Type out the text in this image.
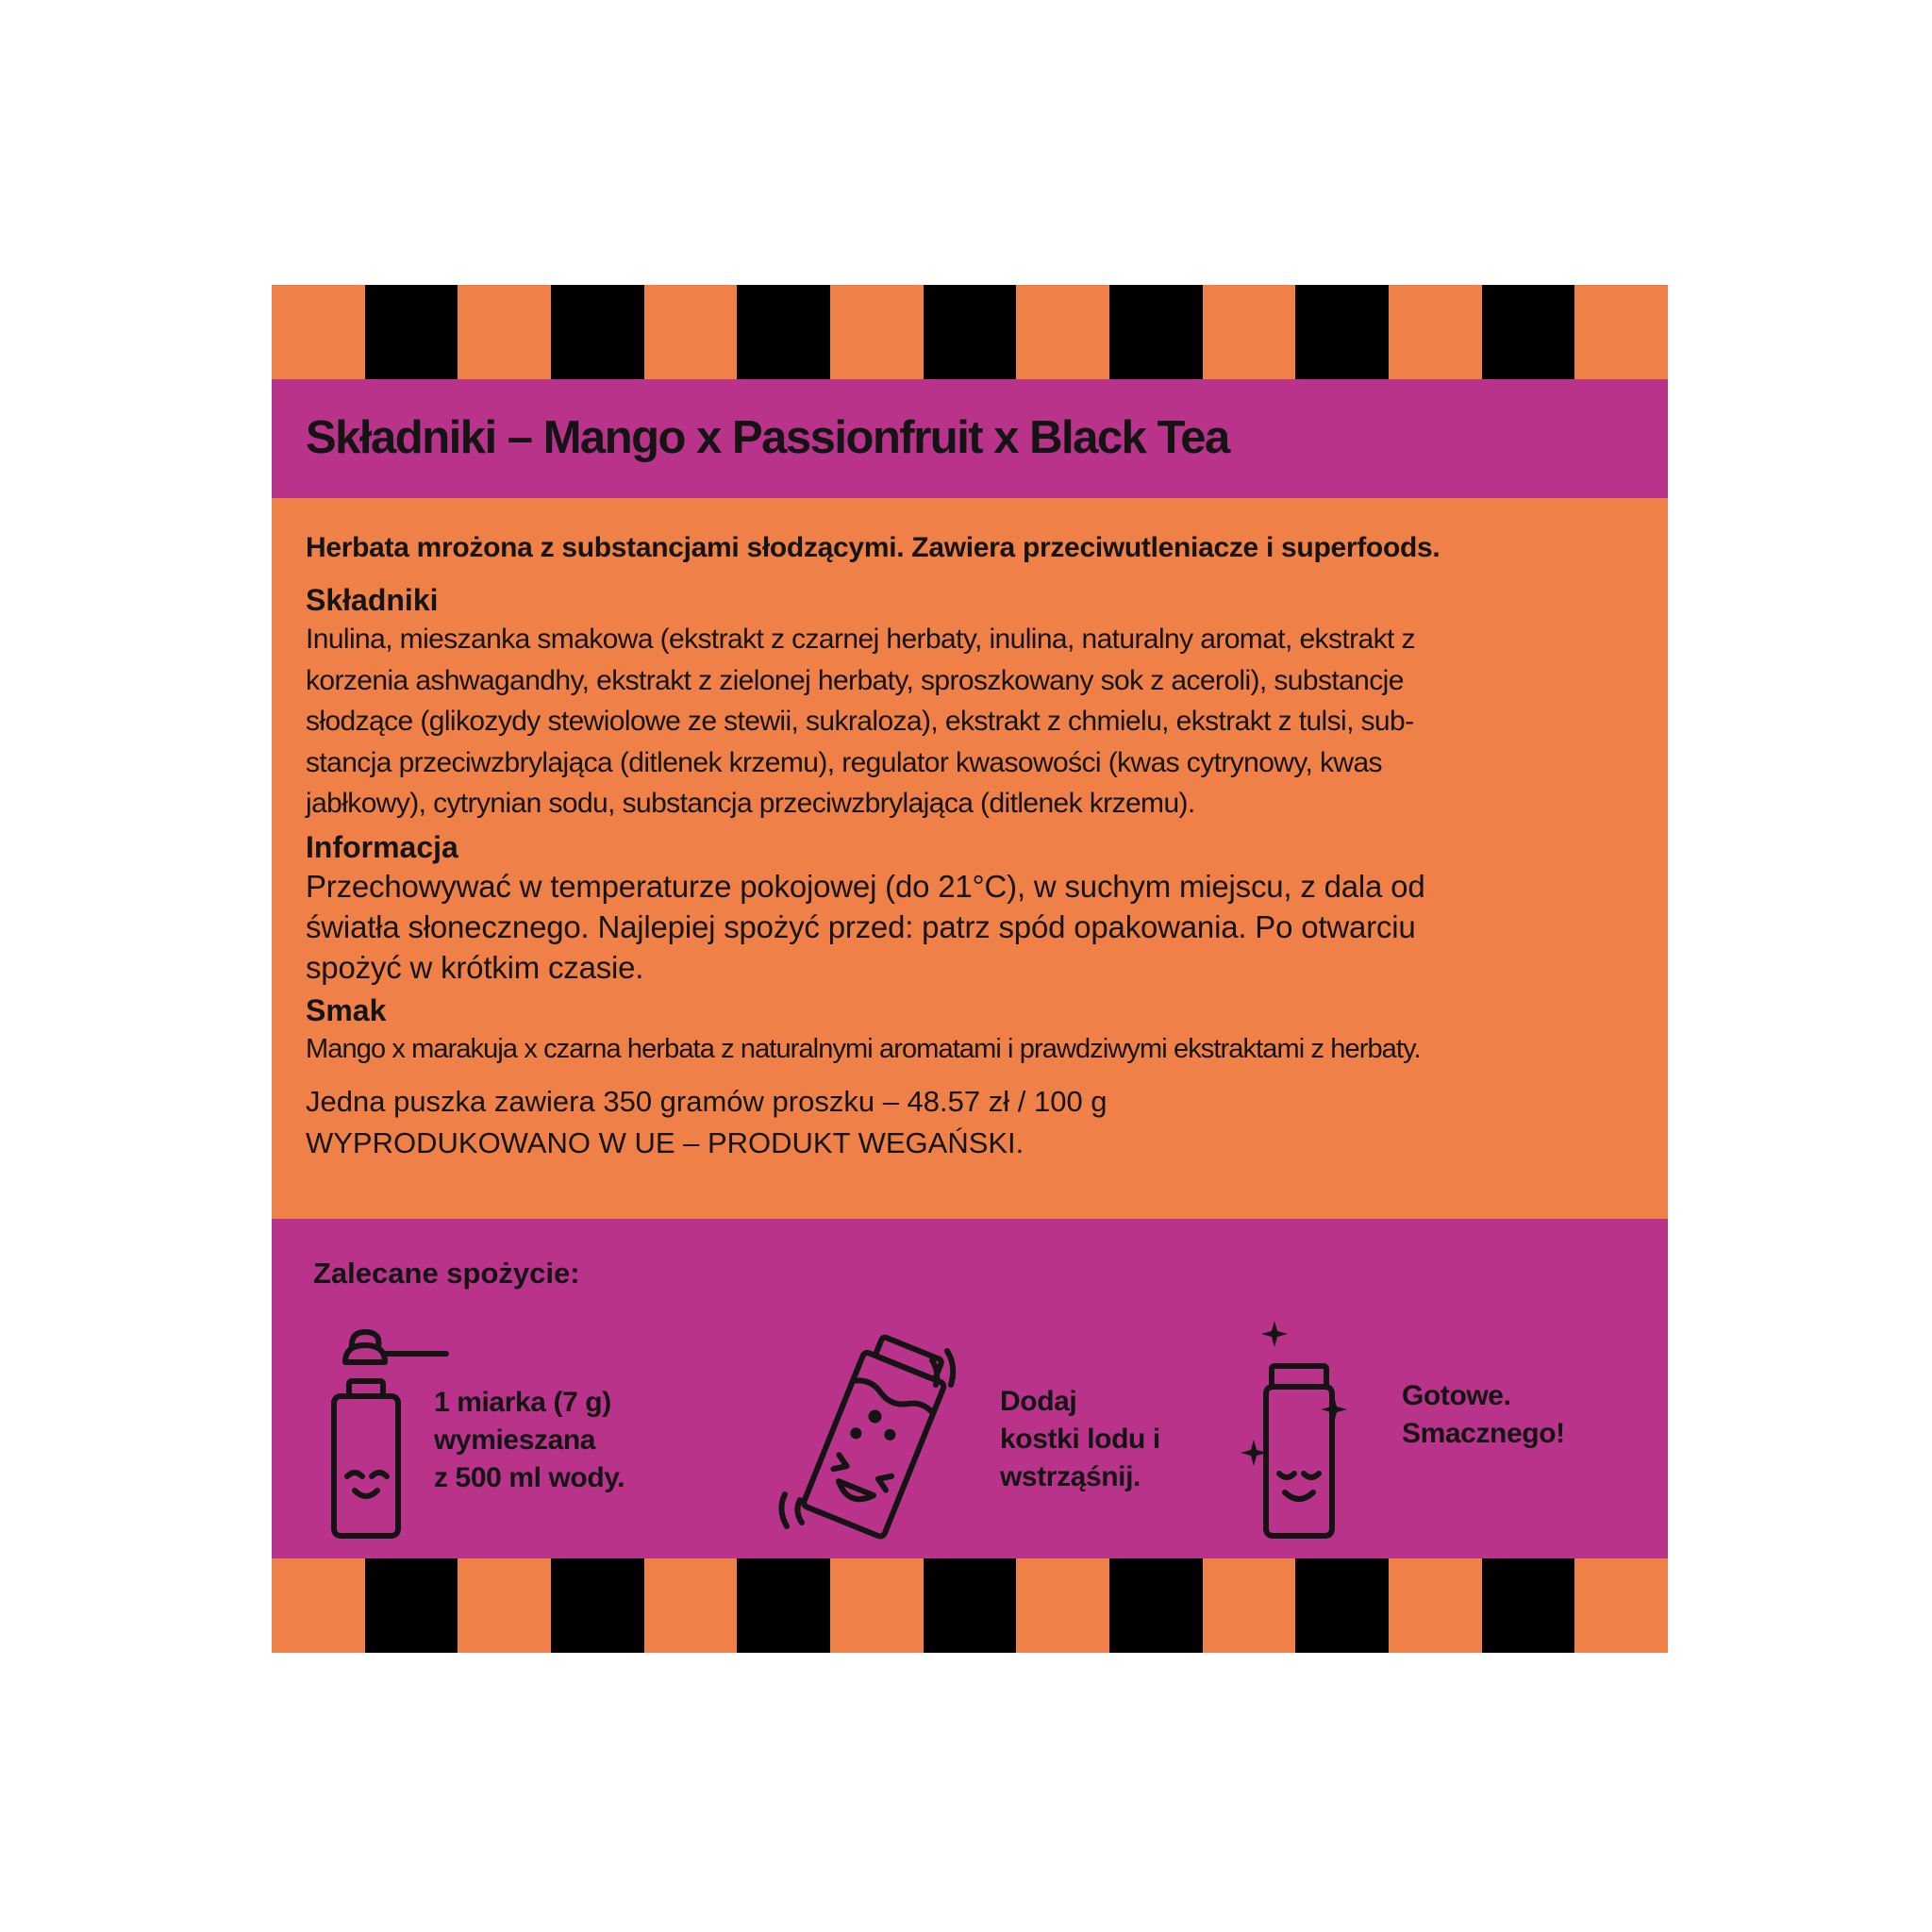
Składniki – Mango x Passionfruit x Black Tea

Herbata mrożona z substancjami słodzącymi. Zawiera przeciwutleniacze i superfoods.

Składniki

Inulina, mieszanka smakowa (ekstrakt z czarnej herbaty, inulina, naturalny aromat, ekstrakt z
korzenia ashwagandhy, ekstrakt z zielonej herbaty, sproszkowany sok z aceroli), substancje
słodzące (glikozydy stewiolowe ze stewii, sukraloza), ekstrakt z chmielu, ekstrakt z tulsi, sub-
stancja przeciwzbrylająca (ditlenek krzemu), regulator kwasowości (kwas cytrynowy, kwas
jabłkowy), cytrynian sodu, substancja przeciwzbrylająca (ditlenek krzemu).

Informacja

Przechowywać w temperaturze pokojowej (do 21°C), w suchym miejscu, z dala od
światła słonecznego. Najlepiej spożyć przed: patrz spód opakowania. Po otwarciu
spożyć w krótkim czasie.

Smak

Mango x marakuja x czarna herbata z naturalnymi aromatami i prawdziwymi ekstraktami z herbaty.

Jedna puszka zawiera 350 gramów proszku – 48.57 zł / 100 g

WYPRODUKOWANO W UE – PRODUKT WEGAŃSKI.

Zalecane spożycie:

1 miarka (7 g)
wymieszana
z 500 ml wody.

Dodaj
kostki lodu i
wstrząśnij.

Gotowe.
Smacznego!
